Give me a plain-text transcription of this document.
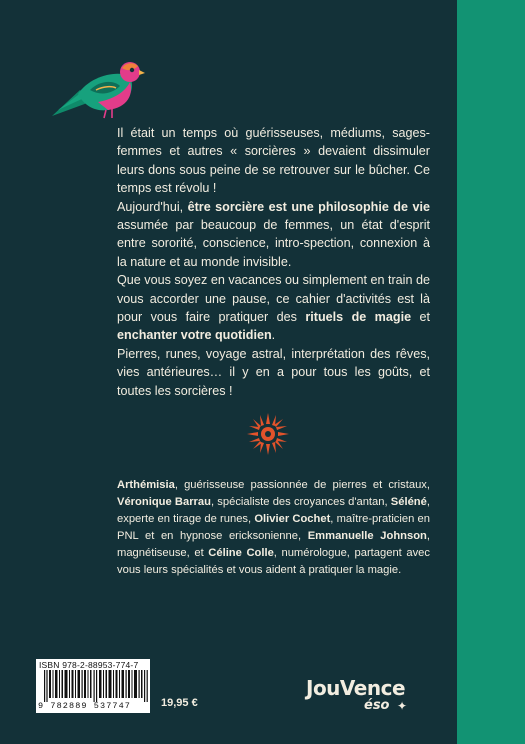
Il était un temps où guérisseuses, médiums, sages-femmes et autres « sorcières » devaient dissimuler leurs dons sous peine de se retrouver sur le bûcher. Ce temps est révolu !

Aujourd'hui, être sorcière est une philosophie de vie assumée par beaucoup de femmes, un état d'esprit entre sororité, conscience, intro-spection, connexion à la nature et au monde invisible.

Que vous soyez en vacances ou simplement en train de vous accorder une pause, ce cahier d'activités est là pour vous faire pratiquer des rituels de magie et enchanter votre quotidien.

Pierres, runes, voyage astral, interprétation des rêves, vies antérieures… il y en a pour tous les goûts, et toutes les sorcières !

Arthémisia, guérisseuse passionnée de pierres et cristaux, Véronique Barrau, spécialiste des croyances d'antan, Séléné, experte en tirage de runes, Olivier Cochet, maître-praticien en PNL et en hypnose ericksonienne, Emmanuelle Johnson, magnétiseuse, et Céline Colle, numérologue, partagent avec vous leurs spécialités et vous aident à pratiquer la magie.

ISBN 978-2-88953-774-7
9 782889 537747	19,95 €
JouVence
éso ✦
